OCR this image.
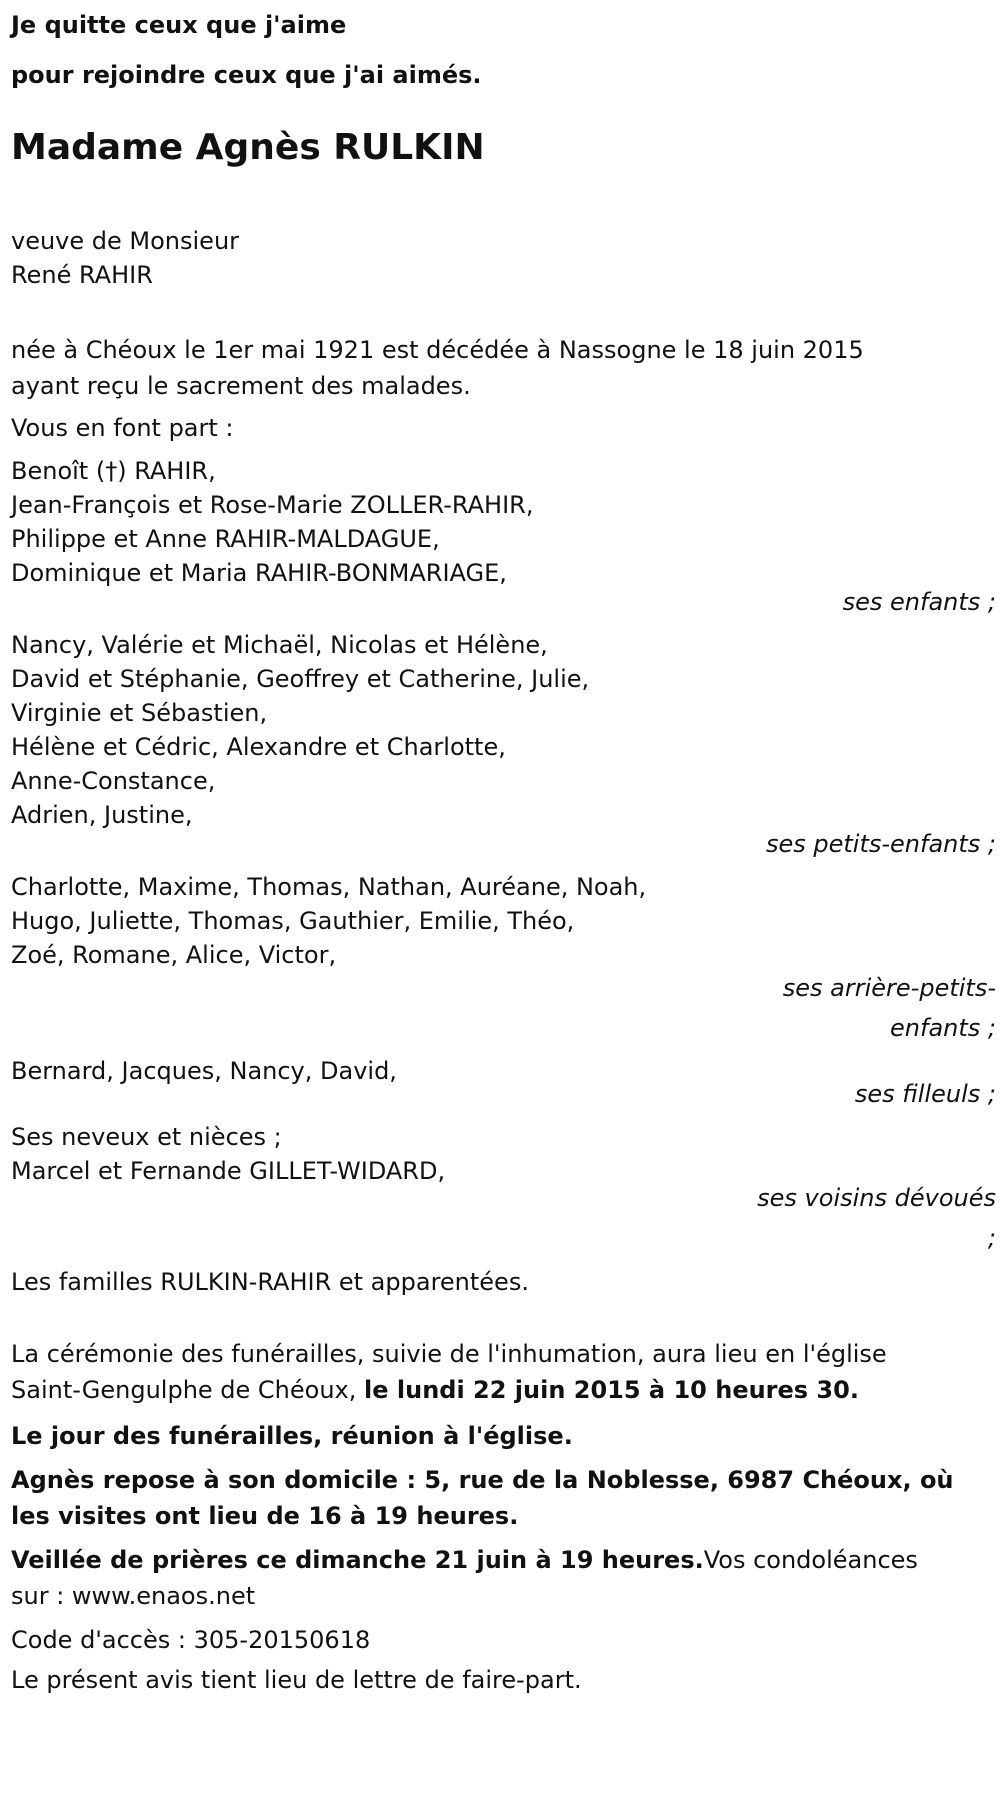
Je quitte ceux que j'aime
pour rejoindre ceux que j'ai aimés.
Madame Agnès RULKIN
veuve de Monsieur
René RAHIR
née à Chéoux le 1er mai 1921 est décédée à Nassogne le 18 juin 2015
ayant reçu le sacrement des malades.
Vous en font part :
Benoît (†) RAHIR,
Jean-François et Rose-Marie ZOLLER-RAHIR,
Philippe et Anne RAHIR-MALDAGUE,
Dominique et Maria RAHIR-BONMARIAGE,
ses enfants ;
Nancy, Valérie et Michaël, Nicolas et Hélène,
David et Stéphanie, Geoffrey et Catherine, Julie,
Virginie et Sébastien,
Hélène et Cédric, Alexandre et Charlotte,
Anne-Constance,
Adrien, Justine,
ses petits-enfants ;
Charlotte, Maxime, Thomas, Nathan, Auréane, Noah,
Hugo, Juliette, Thomas, Gauthier, Emilie, Théo,
Zoé, Romane, Alice, Victor,
ses arrière-petits-
enfants ;
Bernard, Jacques, Nancy, David,
ses filleuls ;
Ses neveux et nièces ;
Marcel et Fernande GILLET-WIDARD,
ses voisins dévoués
;
Les familles RULKIN-RAHIR et apparentées.
La cérémonie des funérailles, suivie de l'inhumation, aura lieu en l'église
Saint-Gengulphe de Chéoux, le lundi 22 juin 2015 à 10 heures 30.
Le jour des funérailles, réunion à l'église.
Agnès repose à son domicile : 5, rue de la Noblesse, 6987 Chéoux, où
les visites ont lieu de 16 à 19 heures.
Veillée de prières ce dimanche 21 juin à 19 heures.Vos condoléances
sur : www.enaos.net
Code d'accès : 305-20150618
Le présent avis tient lieu de lettre de faire-part.
